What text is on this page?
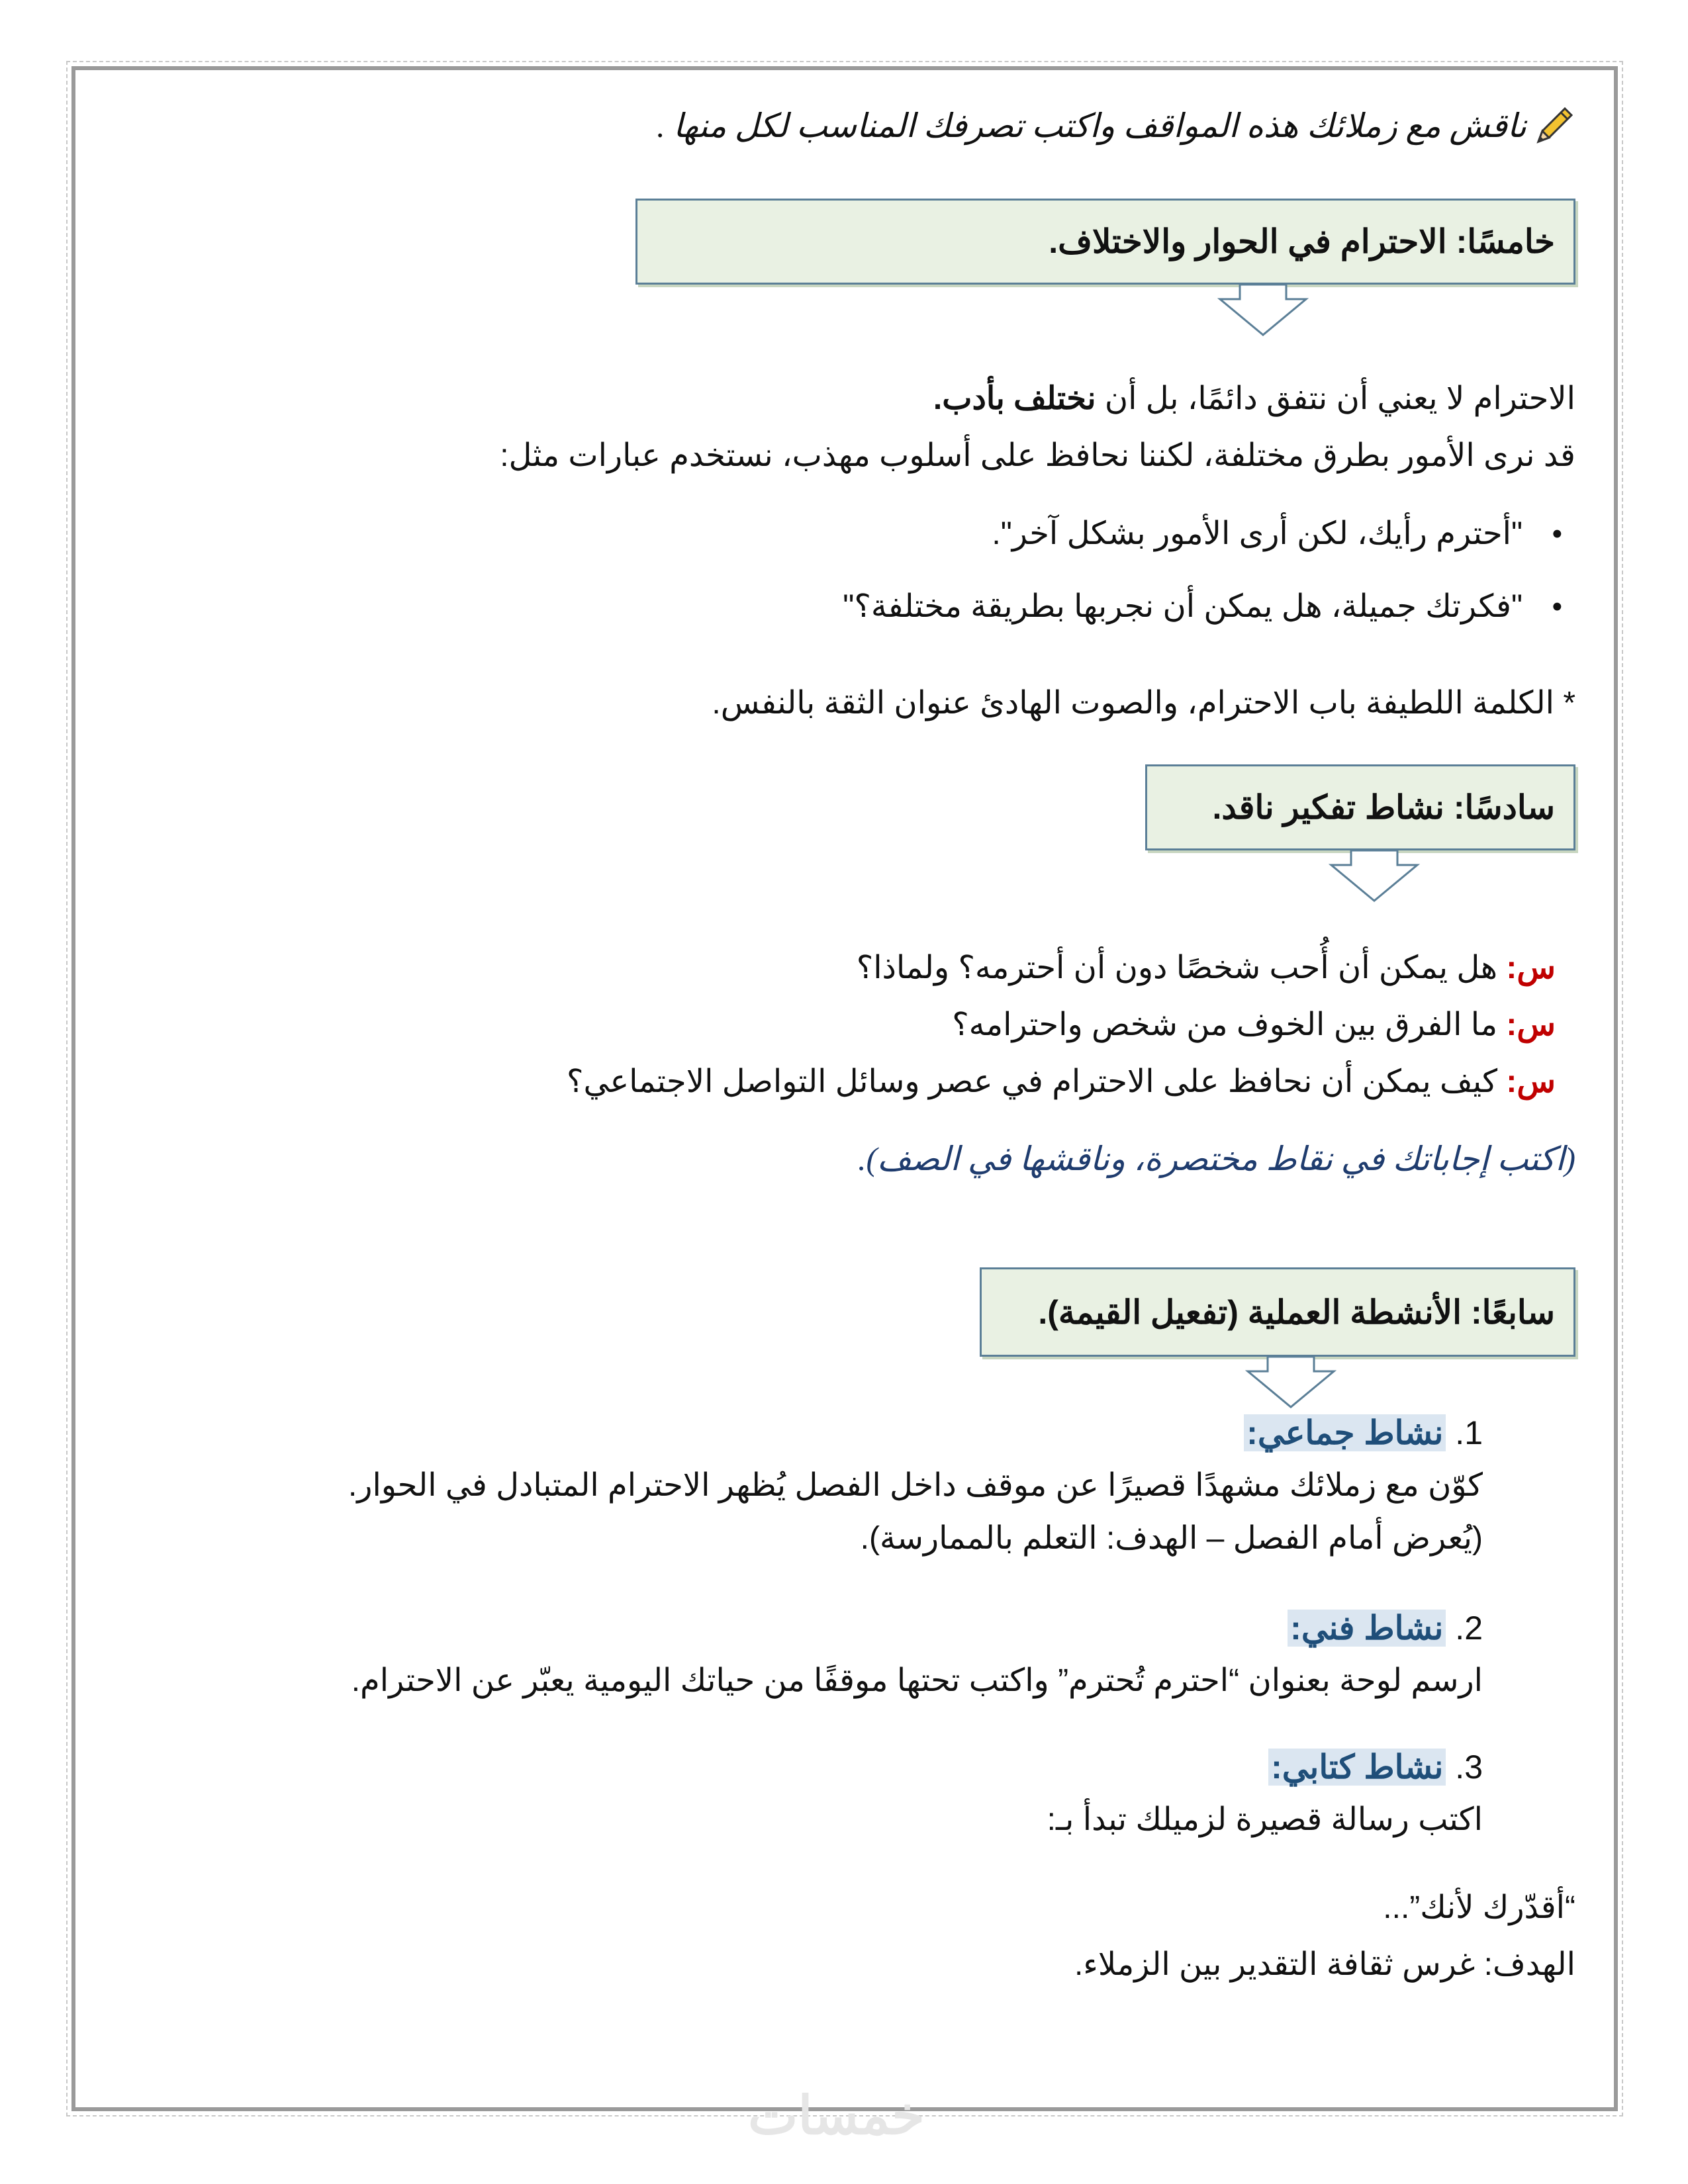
ناقش مع زملائك هذه المواقف واكتب تصرفك المناسب لكل منها .
خامسًا: الاحترام في الحوار والاختلاف.
الاحترام لا يعني أن نتفق دائمًا، بل أن نختلف بأدب.
قد نرى الأمور بطرق مختلفة، لكننا نحافظ على أسلوب مهذب، نستخدم عبارات مثل:
• "أحترم رأيك، لكن أرى الأمور بشكل آخر".
• "فكرتك جميلة، هل يمكن أن نجربها بطريقة مختلفة؟"
* الكلمة اللطيفة باب الاحترام، والصوت الهادئ عنوان الثقة بالنفس.
سادسًا: نشاط تفكير ناقد.
س: هل يمكن أن أُحب شخصًا دون أن أحترمه؟ ولماذا؟
س: ما الفرق بين الخوف من شخص واحترامه؟
س: كيف يمكن أن نحافظ على الاحترام في عصر وسائل التواصل الاجتماعي؟
(اكتب إجاباتك في نقاط مختصرة، وناقشها في الصف).
سابعًا: الأنشطة العملية (تفعيل القيمة).
1. نشاط جماعي:
كوّن مع زملائك مشهدًا قصيرًا عن موقف داخل الفصل يُظهر الاحترام المتبادل في الحوار.
(يُعرض أمام الفصل – الهدف: التعلم بالممارسة).
2. نشاط فني:
ارسم لوحة بعنوان “احترم تُحترم” واكتب تحتها موقفًا من حياتك اليومية يعبّر عن الاحترام.
3. نشاط كتابي:
اكتب رسالة قصيرة لزميلك تبدأ بـ:
“أقدّرك لأنك”...
الهدف: غرس ثقافة التقدير بين الزملاء.
خمسات
